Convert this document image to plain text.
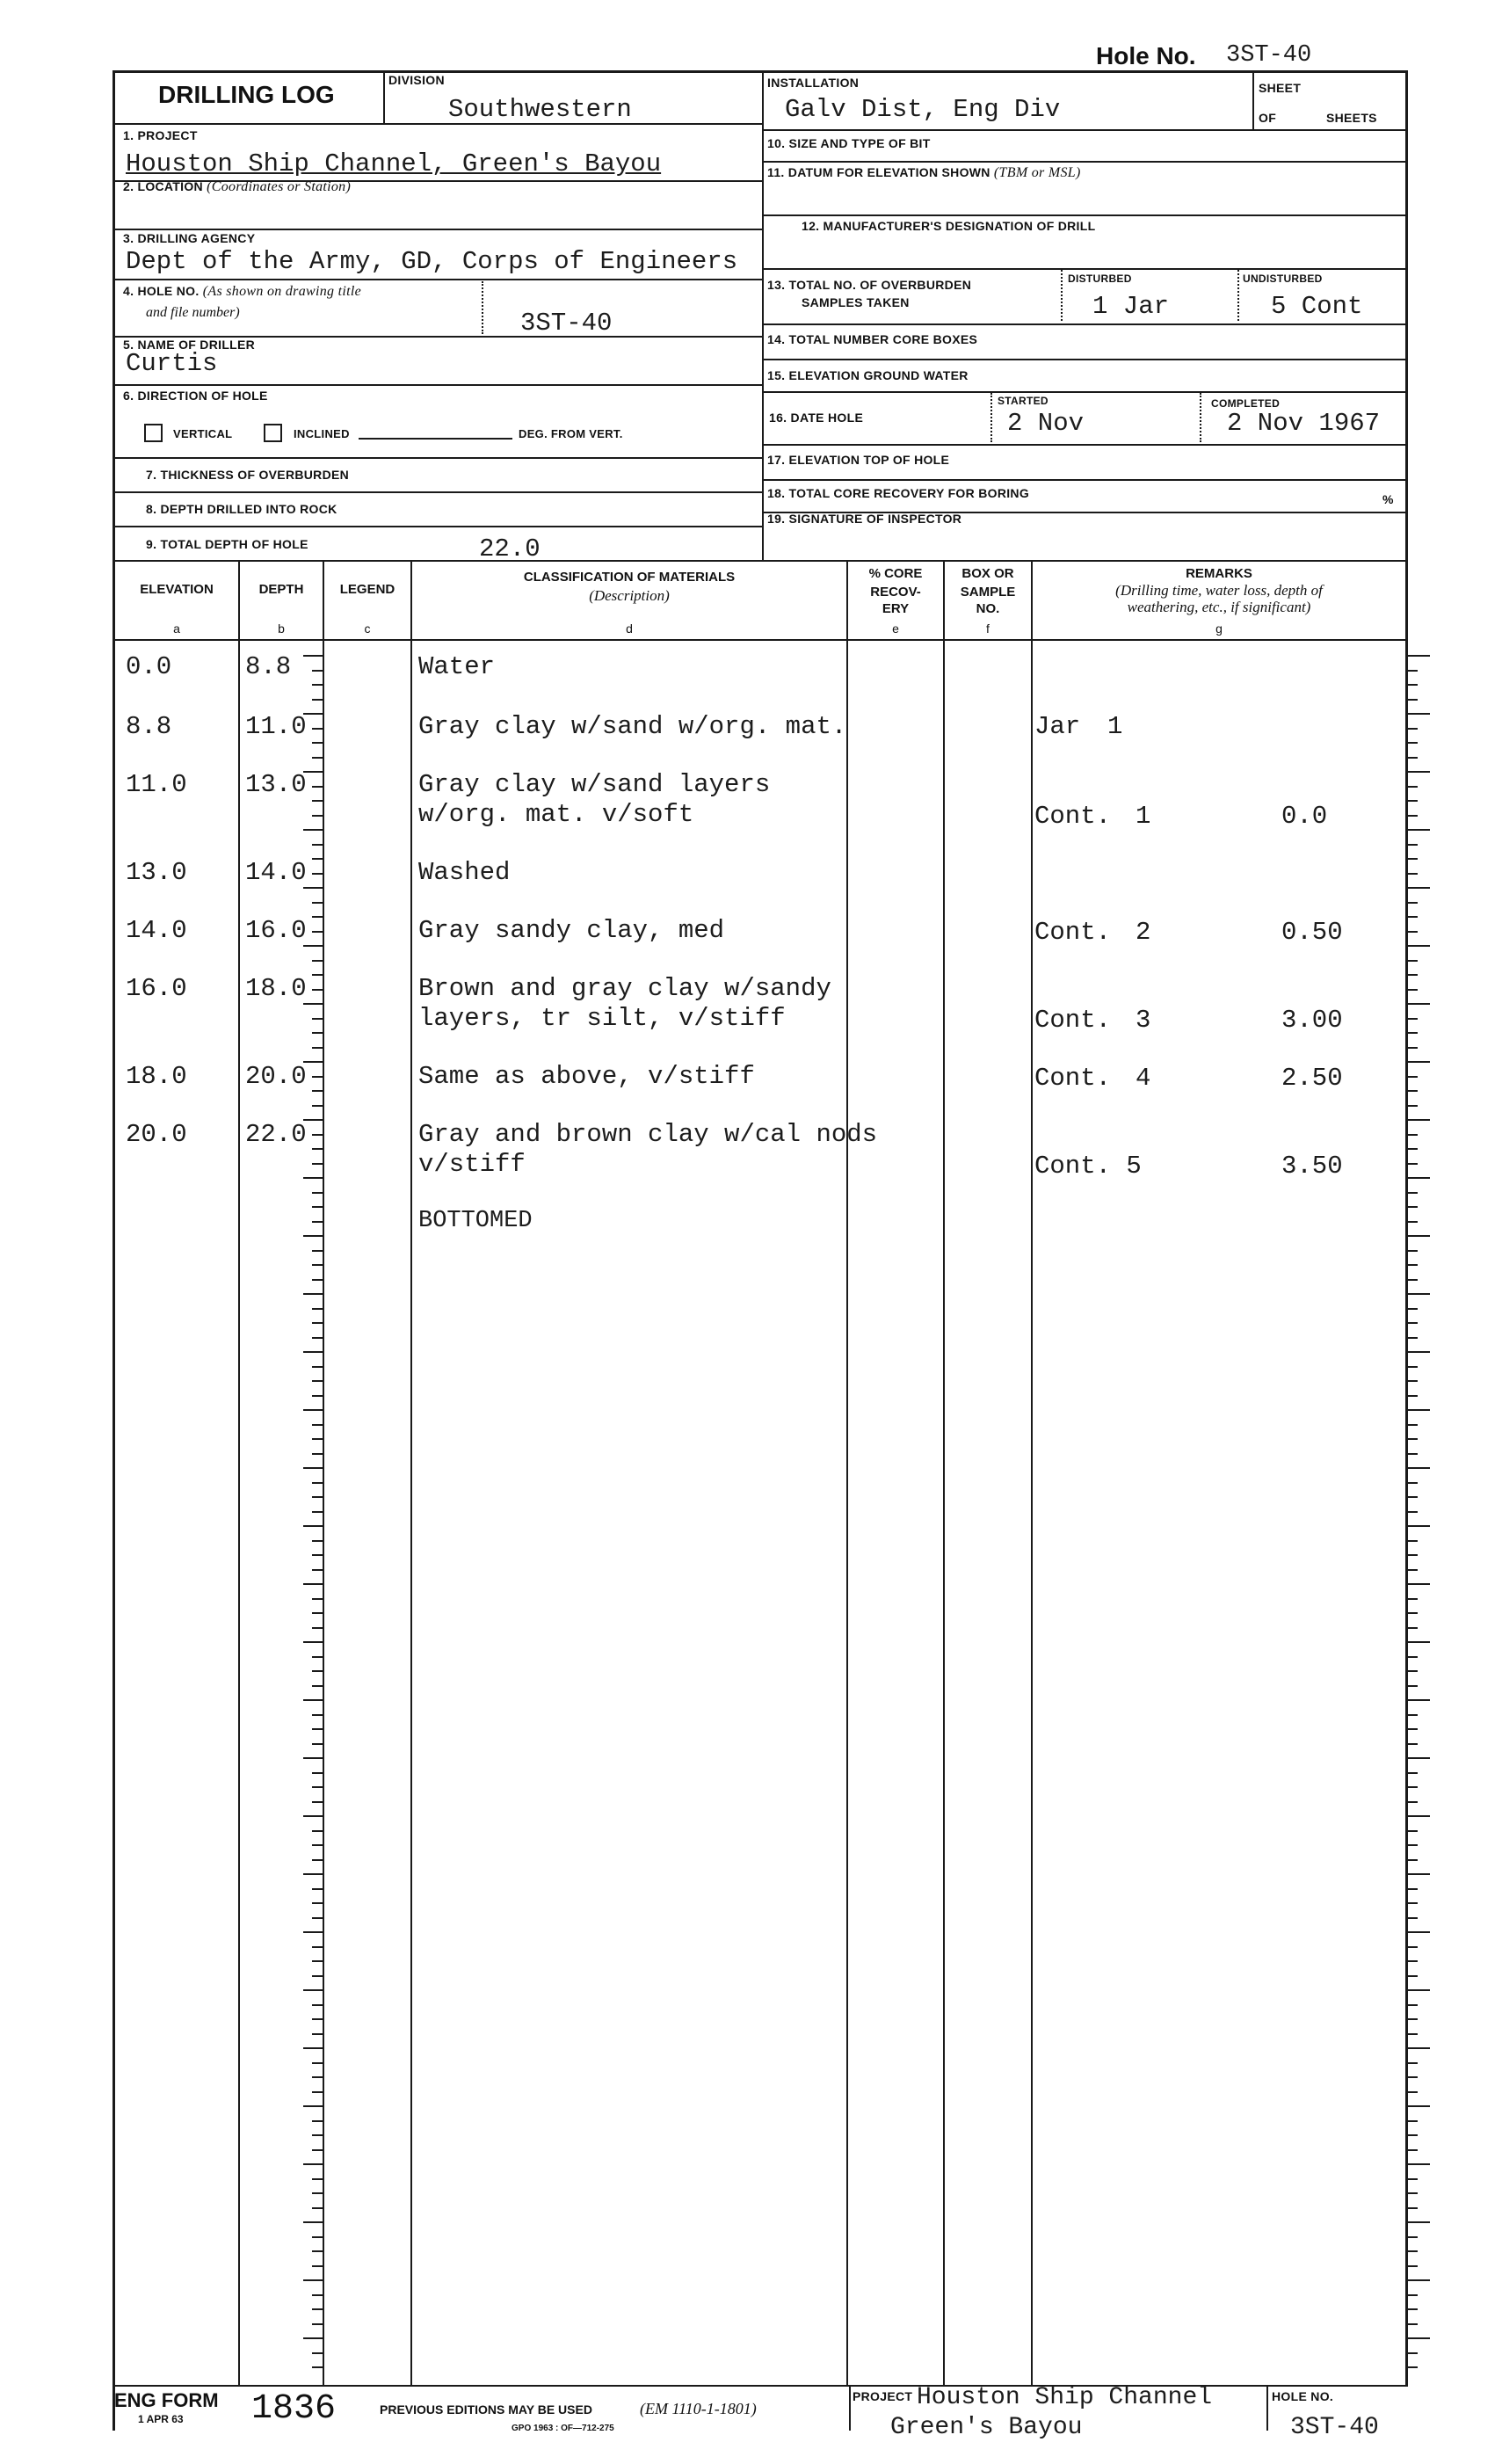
Hole No. 3ST-40
DRILLING LOG
DIVISION
Southwestern
INSTALLATION
Galv Dist, Eng Div
SHEET
OF	SHEETS
1. PROJECT
Houston Ship Channel, Green's Bayou
2. LOCATION (Coordinates or Station)
3. DRILLING AGENCY
Dept of the Army, GD, Corps of Engineers
4. HOLE NO. (As shown on drawing title
and file number)	3ST-40
5. NAME OF DRILLER
Curtis
6. DIRECTION OF HOLE
VERTICAL	INCLINED	DEG. FROM VERT.
7. THICKNESS OF OVERBURDEN
8. DEPTH DRILLED INTO ROCK
9. TOTAL DEPTH OF HOLE	22.0
10. SIZE AND TYPE OF BIT
11. DATUM FOR ELEVATION SHOWN (TBM or MSL)
12. MANUFACTURER'S DESIGNATION OF DRILL
13. TOTAL NO. OF OVERBURDEN
SAMPLES TAKEN
DISTURBED
1 Jar
UNDISTURBED
5 Cont
14. TOTAL NUMBER CORE BOXES
15. ELEVATION GROUND WATER
16. DATE HOLE
STARTED
2 Nov
COMPLETED
2 Nov 1967
17. ELEVATION TOP OF HOLE
18. TOTAL CORE RECOVERY FOR BORING	%
19. SIGNATURE OF INSPECTOR
ELEVATION	DEPTH	LEGEND
CLASSIFICATION OF MATERIALS
(Description)
% CORE
RECOV-
ERY
BOX OR
SAMPLE
NO.
REMARKS
(Drilling time, water loss, depth of
weathering, etc., if significant)
a	b	c	d	e	f	g
0.0	8.8	Water
8.8	11.0	Gray clay w/sand w/org. mat.	Jar 1
11.0 13.0	Gray clay w/sand layers
w/org. mat. v/soft	Cont. 1	0.0
13.0 14.0	Washed
14.0 16.0	Gray sandy clay, med	Cont. 2	0.50
16.0 18.0	Brown and gray clay w/sandy
layers, tr silt, v/stiff	Cont. 3	3.00
18.0 20.0	Same as above, v/stiff	Cont. 4	2.50
20.0 22.0	Gray and brown clay w/cal nods
v/stiff	Cont. 5	3.50
BOTTOMED
ENG FORM
1 APR 63 1836	PREVIOUS EDITIONS MAY BE USED	(EM 1110-1-1801)
GPO 1963 : OF—712-275
PROJECT Houston Ship Channel
Green's Bayou
HOLE NO.
3ST-40
